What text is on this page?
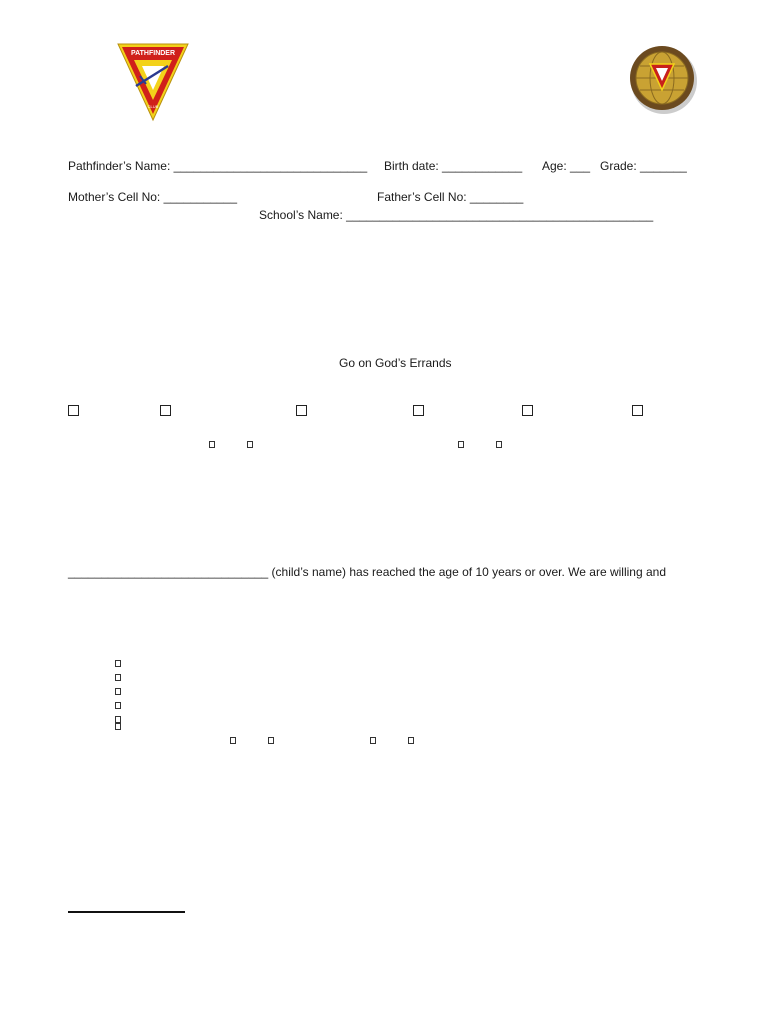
PATHFINDER
CLUB
Pathfinder’s Name: _____________________________ Birth date: ____________ Age: ___ Grade: _______
Mother’s Cell No: ___________	Father’s Cell No: ________
School’s Name: ______________________________________________
Go on God’s Errands
______________________________ (child’s name) has reached the age of 10 years or over. We are willing and
